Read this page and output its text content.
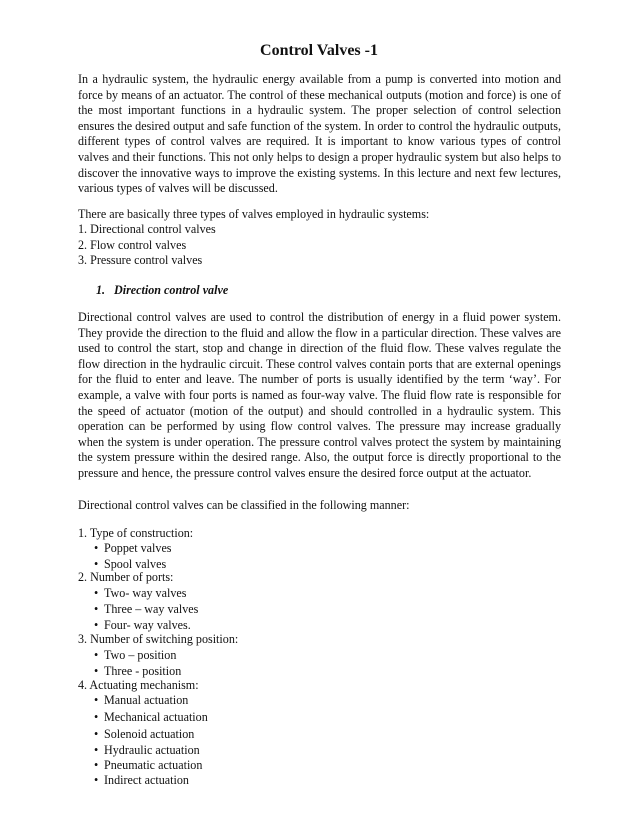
Control Valves -1

In a hydraulic system, the hydraulic energy available from a pump is converted into motion and force by means of an actuator. The control of these mechanical outputs (motion and force) is one of the most important functions in a hydraulic system. The proper selection of control selection ensures the desired output and safe function of the system. In order to control the hydraulic outputs, different types of control valves are required. It is important to know various types of control valves and their functions. This not only helps to design a proper hydraulic system but also helps to discover the innovative ways to improve the existing systems. In this lecture and next few lectures, various types of valves will be discussed.

There are basically three types of valves employed in hydraulic systems:
1. Directional control valves
2. Flow control valves
3. Pressure control valves
1. Direction control valve

Directional control valves are used to control the distribution of energy in a fluid power system. They provide the direction to the fluid and allow the flow in a particular direction. These valves are used to control the start, stop and change in direction of the fluid flow. These valves regulate the flow direction in the hydraulic circuit. These control valves contain ports that are external openings for the fluid to enter and leave. The number of ports is usually identified by the term ‘way’. For example, a valve with four ports is named as four-way valve. The fluid flow rate is responsible for the speed of actuator (motion of the output) and should controlled in a hydraulic system. This operation can be performed by using flow control valves. The pressure may increase gradually when the system is under operation. The pressure control valves protect the system by maintaining the system pressure within the desired range. Also, the output force is directly proportional to the pressure and hence, the pressure control valves ensure the desired force output at the actuator.

Directional control valves can be classified in the following manner:
1. Type of construction:
• Poppet valves
• Spool valves
2. Number of ports:
• Two- way valves
• Three – way valves
• Four- way valves.
3. Number of switching position:
• Two – position
• Three - position
4. Actuating mechanism:
• Manual actuation
• Mechanical actuation
• Solenoid actuation
• Hydraulic actuation
• Pneumatic actuation
• Indirect actuation
